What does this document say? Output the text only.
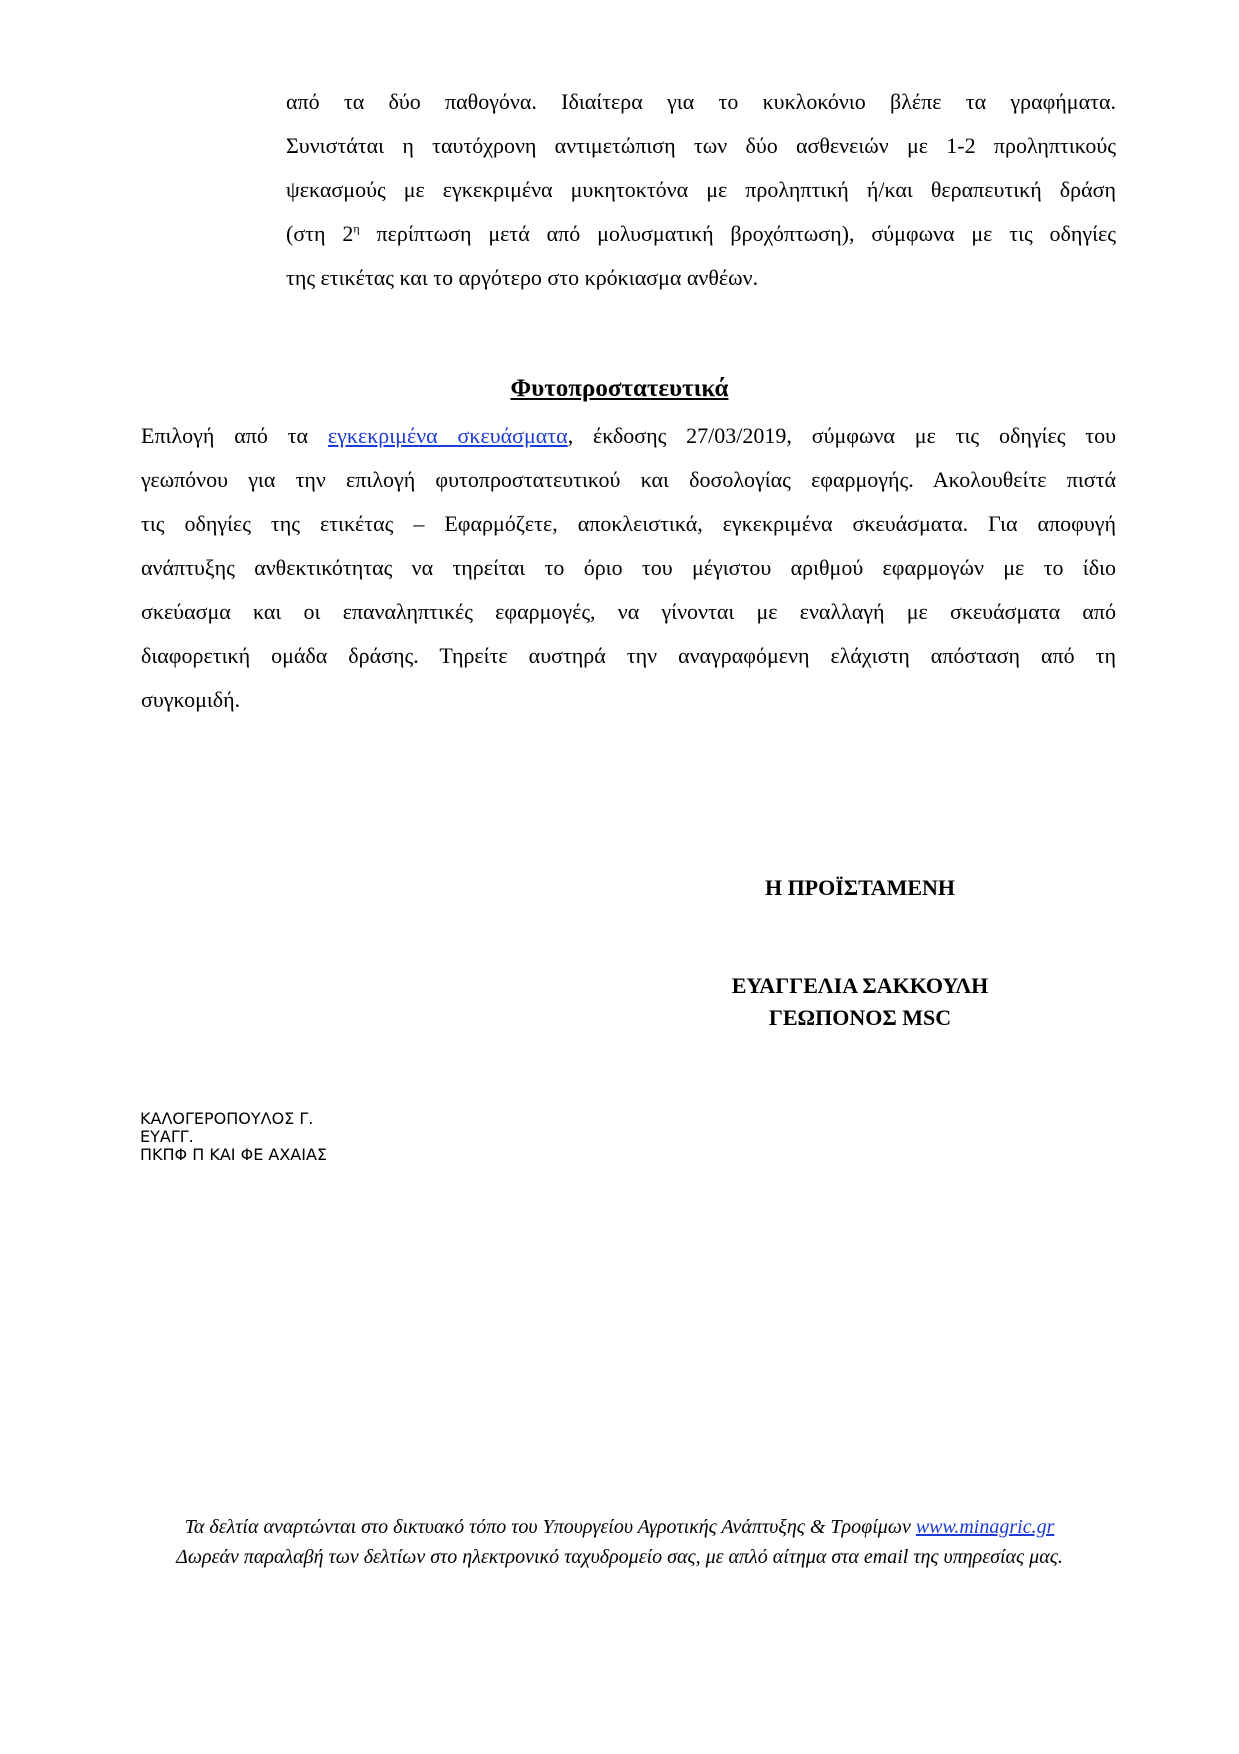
από τα δύο παθογόνα. Ιδιαίτερα για το κυκλοκόνιο βλέπε τα γραφήματα.
Συνιστάται η ταυτόχρονη αντιμετώπιση των δύο ασθενειών με 1-2 προληπτικούς
ψεκασμούς με εγκεκριμένα μυκητοκτόνα με προληπτική ή/και θεραπευτική δράση
(στη $2^\eta$ περίπτωση μετά από μολυσματική βροχόπτωση), σύμφωνα με τις οδηγίες
της ετικέτας και το αργότερο στο κρόκιασμα ανθέων.
Φυτοπροστατευτικά
Επιλογή από τα εγκεκριμένα σκευάσματα, έκδοσης 27/03/2019, σύμφωνα με τις οδηγίες του
γεωπόνου για την επιλογή φυτοπροστατευτικού και δοσολογίας εφαρμογής. Ακολουθείτε πιστά
τις οδηγίες της ετικέτας – Εφαρμόζετε, αποκλειστικά, εγκεκριμένα σκευάσματα. Για αποφυγή
ανάπτυξης ανθεκτικότητας να τηρείται το όριο του μέγιστου αριθμού εφαρμογών με το ίδιο
σκεύασμα και οι επαναληπτικές εφαρμογές, να γίνονται με εναλλαγή με σκευάσματα από
διαφορετική ομάδα δράσης. Τηρείτε αυστηρά την αναγραφόμενη ελάχιστη απόσταση από τη
συγκομιδή.
Η ΠΡΟΪΣΤΑΜΕΝΗ
ΕΥΑΓΓΕΛΙΑ ΣΑΚΚΟΥΛΗ
ΓΕΩΠΟΝΟΣ MSC
ΚΑΛΟΓΕΡΟΠΟΥΛΟΣ Γ.
ΕΥΑΓΓ.
ΠΚΠΦ Π ΚΑΙ ΦΕ ΑΧΑΙΑΣ
Τα δελτία αναρτώνται στο δικτυακό τόπο του Υπουργείου Αγροτικής Ανάπτυξης & Τροφίμων www.minagric.gr
Δωρεάν παραλαβή των δελτίων στο ηλεκτρονικό ταχυδρομείο σας, με απλό αίτημα στα email της υπηρεσίας μας.
